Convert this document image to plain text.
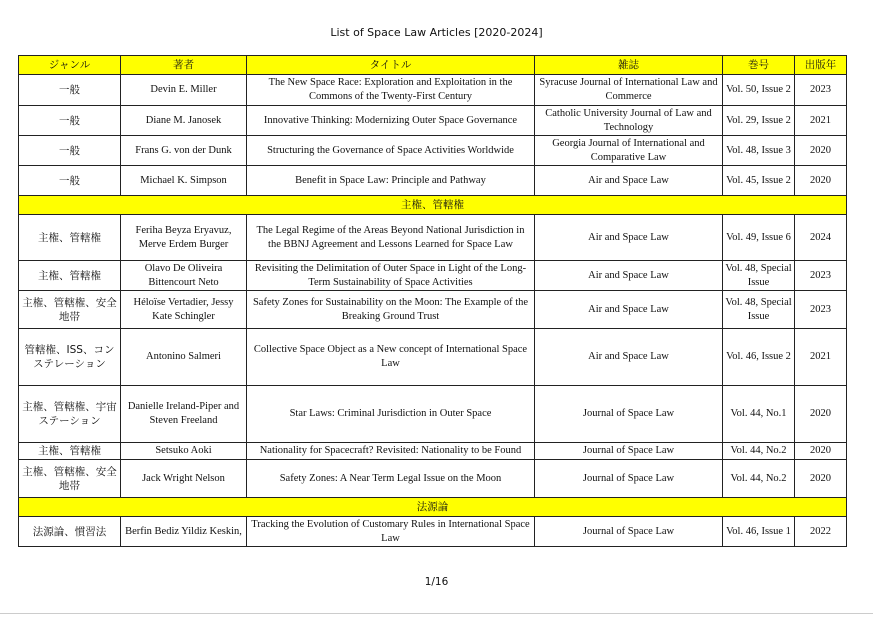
List of Space Law Articles [2020-2024]
ジャンル	著者	タイトル	雑誌	巻号	出版年
一般	Devin E. Miller	The New Space Race: Exploration and Exploitation in the Commons of the Twenty-First Century	Syracuse Journal of International Law and Commerce	Vol. 50, Issue 2	2023
一般	Diane M. Janosek	Innovative Thinking: Modernizing Outer Space Governance	Catholic University Journal of Law and Technology	Vol. 29, Issue 2	2021
一般	Frans G. von der Dunk	Structuring the Governance of Space Activities Worldwide	Georgia Journal of International and Comparative Law	Vol. 48, Issue 3	2020
一般	Michael K. Simpson	Benefit in Space Law: Principle and Pathway	Air and Space Law	Vol. 45, Issue 2	2020
主権、管轄権					
主権、管轄権	Feriha Beyza Eryavuz, Merve Erdem Burger	The Legal Regime of the Areas Beyond National Jurisdiction in the BBNJ Agreement and Lessons Learned for Space Law	Air and Space Law	Vol. 49, Issue 6	2024
主権、管轄権	Olavo De Oliveira Bittencourt Neto	Revisiting the Delimitation of Outer Space in Light of the Long-Term Sustainability of Space Activities	Air and Space Law	Vol. 48, Special Issue	2023
主権、管轄権、安全地帯	Héloïse Vertadier, Jessy Kate Schingler	Safety Zones for Sustainability on the Moon: The Example of the Breaking Ground Trust	Air and Space Law	Vol. 48, Special Issue	2023
管轄権、ISS、コンステレーション	Antonino Salmeri	Collective Space Object as a New concept of International Space Law	Air and Space Law	Vol. 46, Issue 2	2021
主権、管轄権、宇宙ステーション	Danielle Ireland-Piper and Steven Freeland	Star Laws: Criminal Jurisdiction in Outer Space	Journal of Space Law	Vol. 44, No.1	2020
主権、管轄権	Setsuko Aoki	Nationality for Spacecraft? Revisited: Nationality to be Found	Journal of Space Law	Vol. 44, No.2	2020
主権、管轄権、安全地帯	Jack Wright Nelson	Safety Zones: A Near Term Legal Issue on the Moon	Journal of Space Law	Vol. 44, No.2	2020
法源論					
法源論、慣習法	Berfin Bediz Yildiz Keskin,	Tracking the Evolution of Customary Rules in International Space Law	Journal of Space Law	Vol. 46, Issue 1	2022
1/16
